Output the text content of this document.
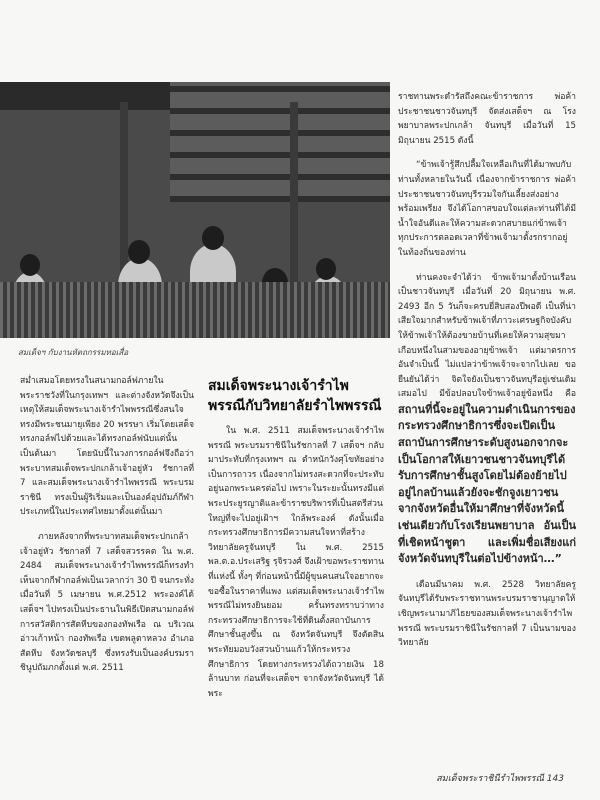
สมเด็จฯ กับงานหัตถกรรมทอเสื่อ

ราชทานพระดำรัสถึงคณะข้าราชการ พ่อค้า ประชาชนชาวจันทบุรี จัดส่งเสด็จฯ ณ โรงพยาบาลพระปกเกล้า จันทบุรี เมื่อวันที่ 15 มิถุนายน 2515 ดังนี้

“ข้าพเจ้ารู้สึกปลื้มใจเหลือเกินที่ได้มาพบกับท่านทั้งหลายในวันนี้ เนื่องจากข้าราชการ พ่อค้า ประชาชนชาวจันทบุรีรวมใจกันเลี้ยงส่งอย่างพร้อมเพรียง จึงได้โอกาสขอบใจแต่ละท่านที่ได้มีน้ำใจอันดีและให้ความสะดวกสบายแก่ข้าพเจ้าทุกประการตลอดเวลาที่ข้าพเจ้ามาตั้งรกรากอยู่ในท้องถิ่นของท่าน

ท่านคงจะจำได้ว่า ข้าพเจ้ามาตั้งบ้านเรือนเป็นชาวจันทบุรี เมื่อวันที่ 20 มิถุนายน พ.ศ. 2493 อีก 5 วันก็จะครบยี่สิบสองปีพอดี เป็นที่น่าเสียใจมากสำหรับข้าพเจ้าที่ภาวะเศรษฐกิจบังคับให้ข้าพเจ้าให้ต้องขายบ้านที่เคยให้ความสุขมาเกือบหนึ่งในสามของอายุข้าพเจ้า แต่มาตรการอันจำเป็นนี้ ไม่แปลว่าข้าพเจ้าจะจากไปเลย ขอยืนยันได้ว่า จิตใจยังเป็นชาวจันทบุรีอยู่เช่นเดิมเสมอไป มีข้อปลอบใจข้าพเจ้าอยู่ข้อหนึ่ง คือ สถานที่นี้จะอยู่ในความดำเนินการของกระทรวงศึกษาธิการซึ่งจะเปิดเป็นสถาบันการศึกษาระดับสูงนอกจากจะเป็นโอกาสให้เยาวชนชาวจันทบุรีได้รับการศึกษาชั้นสูงโดยไม่ต้องย้ายไปอยู่ไกลบ้านแล้วยังจะชักจูงเยาวชนจากจังหวัดอื่นให้มาศึกษาที่จังหวัดนี้เช่นเดียวกับโรงเรียนพยาบาล อันเป็นที่เชิดหน้าชูตา และเพิ่มชื่อเสียงแก่จังหวัดจันทบุรีในต่อไปข้างหน้า…”

เดือนมีนาคม พ.ศ. 2528 วิทยาลัยครูจันทบุรีได้รับพระราชทานพระบรมราชานุญาตให้เชิญพระนามาภิไธยของสมเด็จพระนางเจ้ารำไพพรรณี พระบรมราชินีในรัชกาลที่ 7 เป็นนามของวิทยาลัย

สม่ำเสมอโดยทรงในสนามกอล์ฟภายในพระราชวังที่ในกรุงเทพฯ และต่างจังหวัดจึงเป็นเหตุให้สมเด็จพระนางเจ้ารำไพพรรณีซึ่งสนใจทรงมีพระชนมายุเพียง 20 พรรษา เริ่มโดยเสด็จทรงกอล์ฟไปด้วยและได้ทรงกอล์ฟนับแต่นั้นเป็นต้นมา โดยนับนี้ในวงการกอล์ฟจึงถือว่าพระบาทสมเด็จพระปกเกล้าเจ้าอยู่หัว รัชกาลที่ 7 และสมเด็จพระนางเจ้ารำไพพรรณี พระบรมราชินี ทรงเป็นผู้ริเริ่มและเป็นองค์อุปถัมภ์กีฬาประเภทนี้ในประเทศไทยมาตั้งแต่นั้นมา

ภายหลังจากที่พระบาทสมเด็จพระปกเกล้าเจ้าอยู่หัว รัชกาลที่ 7 เสด็จสวรรคต ใน พ.ศ. 2484 สมเด็จพระนางเจ้ารำไพพรรณีก็ทรงทำเห็นจากกีฬากอล์ฟเป็นเวลากว่า 30 ปี จนกระทั่งเมื่อวันที่ 5 เมษายน พ.ศ.2512 พระองค์ได้เสด็จฯ ไปทรงเป็นประธานในพิธีเปิดสนามกอล์ฟการสวัสดิการสัตหีบของกองทัพเรือ ณ บริเวณอ่าวเก้าหน้า กองทัพเรือ เขตพลูตาหลวง อำเภอสัตหีบ จังหวัดชลบุรี ซึ่งทรงรับเป็นองค์บรมราชินูปถัมภกตั้งแต่ พ.ศ. 2511

สมเด็จพระนางเจ้ารำไพพรรณีกับวิทยาลัยรำไพพรรณี

ใน พ.ศ. 2511 สมเด็จพระนางเจ้ารำไพพรรณี พระบรมราชินีในรัชกาลที่ 7 เสด็จฯ กลับมาประทับที่กรุงเทพฯ ณ ตำหนักวังศุโขทัยอย่างเป็นการถาวร เนื่องจากไม่ทรงสะดวกที่จะประทับอยู่นอกพระนครต่อไป เพราะในระยะนั้นทรงมีแต่พระประยูรญาติและข้าราชบริพารที่เป็นสตรีส่วนใหญ่ที่จะไปอยู่เฝ้าฯ ใกล้พระองค์ ดังนั้นเมื่อกระทรวงศึกษาธิการมีความสนใจหาที่สร้างวิทยาลัยครูจันทบุรี ใน พ.ศ. 2515 พล.ต.อ.ประเสริฐ รุจิรวงศ์ จึงเฝ้าขอพระราชทานที่แห่งนี้ ทั้งๆ ที่ก่อนหน้านี้มีผู้ขุนคนสนใจอยากจะขอซื้อในราคาที่แพง แต่สมเด็จพระนางเจ้ารำไพพรรณีไม่ทรงยินยอม ครั้นทรงทราบว่าทางกระทรวงศึกษาธิการจะใช้ที่ดินตั้งสถาบันการศึกษาชั้นสูงขึ้น ณ จังหวัดจันทบุรี จึงตัดสินพระทัยมอบวังสวนบ้านแก้วให้กระทรวงศึกษาธิการ โดยทางกระทรวงได้ถวายเงิน 18 ล้านบาท ก่อนที่จะเสด็จฯ จากจังหวัดจันทบุรี ได้พระ

สมเด็จพระราชินีรำไพพรรณี 143
